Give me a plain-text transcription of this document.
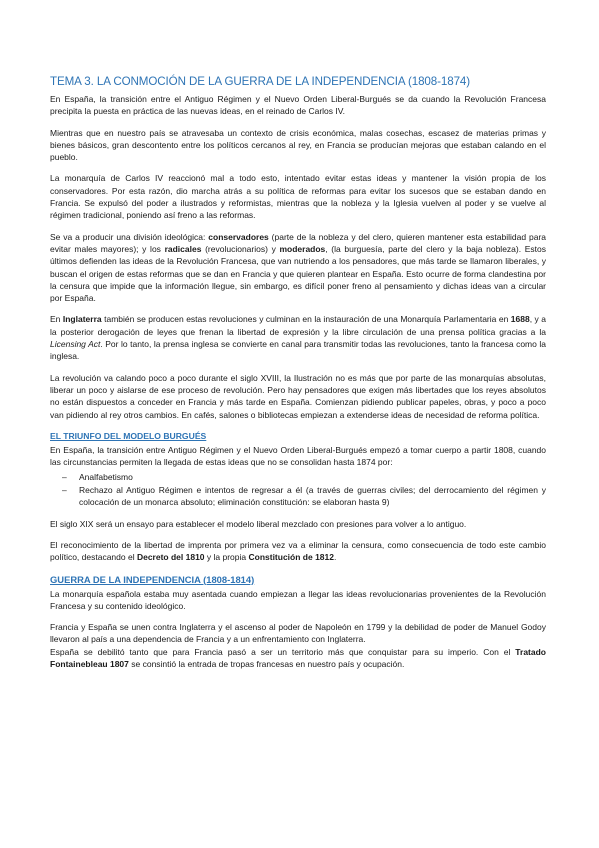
TEMA 3. LA CONMOCIÓN DE LA GUERRA DE LA INDEPENDENCIA (1808-1874)

En España, la transición entre el Antiguo Régimen y el Nuevo Orden Liberal-Burgués se da cuando la Revolución Francesa precipita la puesta en práctica de las nuevas ideas, en el reinado de Carlos IV.

Mientras que en nuestro país se atravesaba un contexto de crisis económica, malas cosechas, escasez de materias primas y bienes básicos, gran descontento entre los políticos cercanos al rey, en Francia se producían mejoras que estaban calando en el pueblo.

La monarquía de Carlos IV reaccionó mal a todo esto, intentado evitar estas ideas y mantener la visión propia de los conservadores. Por esta razón, dio marcha atrás a su política de reformas para evitar los sucesos que se estaban dando en Francia. Se expulsó del poder a ilustrados y reformistas, mientras que la nobleza y la Iglesia vuelven al poder y se vuelve al régimen tradicional, poniendo así freno a las reformas.

Se va a producir una división ideológica: conservadores (parte de la nobleza y del clero, quieren mantener esta estabilidad para evitar males mayores); y los radicales (revolucionarios) y moderados, (la burguesía, parte del clero y la baja nobleza). Estos últimos defienden las ideas de la Revolución Francesa, que van nutriendo a los pensadores, que más tarde se llamaron liberales, y buscan el origen de estas reformas que se dan en Francia y que quieren plantear en España. Esto ocurre de forma clandestina por la censura que impide que la información llegue, sin embargo, es difícil poner freno al pensamiento y dichas ideas van a circular por España.

En Inglaterra también se producen estas revoluciones y culminan en la instauración de una Monarquía Parlamentaria en 1688, y a la posterior derogación de leyes que frenan la libertad de expresión y la libre circulación de una prensa política gracias a la Licensing Act. Por lo tanto, la prensa inglesa se convierte en canal para transmitir todas las revoluciones, tanto la francesa como la inglesa.

La revolución va calando poco a poco durante el siglo XVIII, la Ilustración no es más que por parte de las monarquías absolutas, liberar un poco y aislarse de ese proceso de revolución. Pero hay pensadores que exigen más libertades que los reyes absolutos no están dispuestos a conceder en Francia y más tarde en España. Comienzan pidiendo publicar papeles, obras, y poco a poco van pidiendo al rey otros cambios. En cafés, salones o bibliotecas empiezan a extenderse ideas de necesidad de reforma política.

EL TRIUNFO DEL MODELO BURGUÉS

En España, la transición entre Antiguo Régimen y el Nuevo Orden Liberal-Burgués empezó a tomar cuerpo a partir 1808, cuando las circunstancias permiten la llegada de estas ideas que no se consolidan hasta 1874 por:

– Analfabetismo
– Rechazo al Antiguo Régimen e intentos de regresar a él (a través de guerras civiles; del derrocamiento del régimen y colocación de un monarca absoluto; eliminación constitución: se elaboran hasta 9)

El siglo XIX será un ensayo para establecer el modelo liberal mezclado con presiones para volver a lo antiguo.

El reconocimiento de la libertad de imprenta por primera vez va a eliminar la censura, como consecuencia de todo este cambio político, destacando el Decreto del 1810 y la propia Constitución de 1812.

GUERRA DE LA INDEPENDENCIA (1808-1814)

La monarquía española estaba muy asentada cuando empiezan a llegar las ideas revolucionarias provenientes de la Revolución Francesa y su contenido ideológico.

Francia y España se unen contra Inglaterra y el ascenso al poder de Napoleón en 1799 y la debilidad de poder de Manuel Godoy llevaron al país a una dependencia de Francia y a un enfrentamiento con Inglaterra.

España se debilitó tanto que para Francia pasó a ser un territorio más que conquistar para su imperio. Con el Tratado Fontainebleau 1807 se consintió la entrada de tropas francesas en nuestro país y ocupación.
